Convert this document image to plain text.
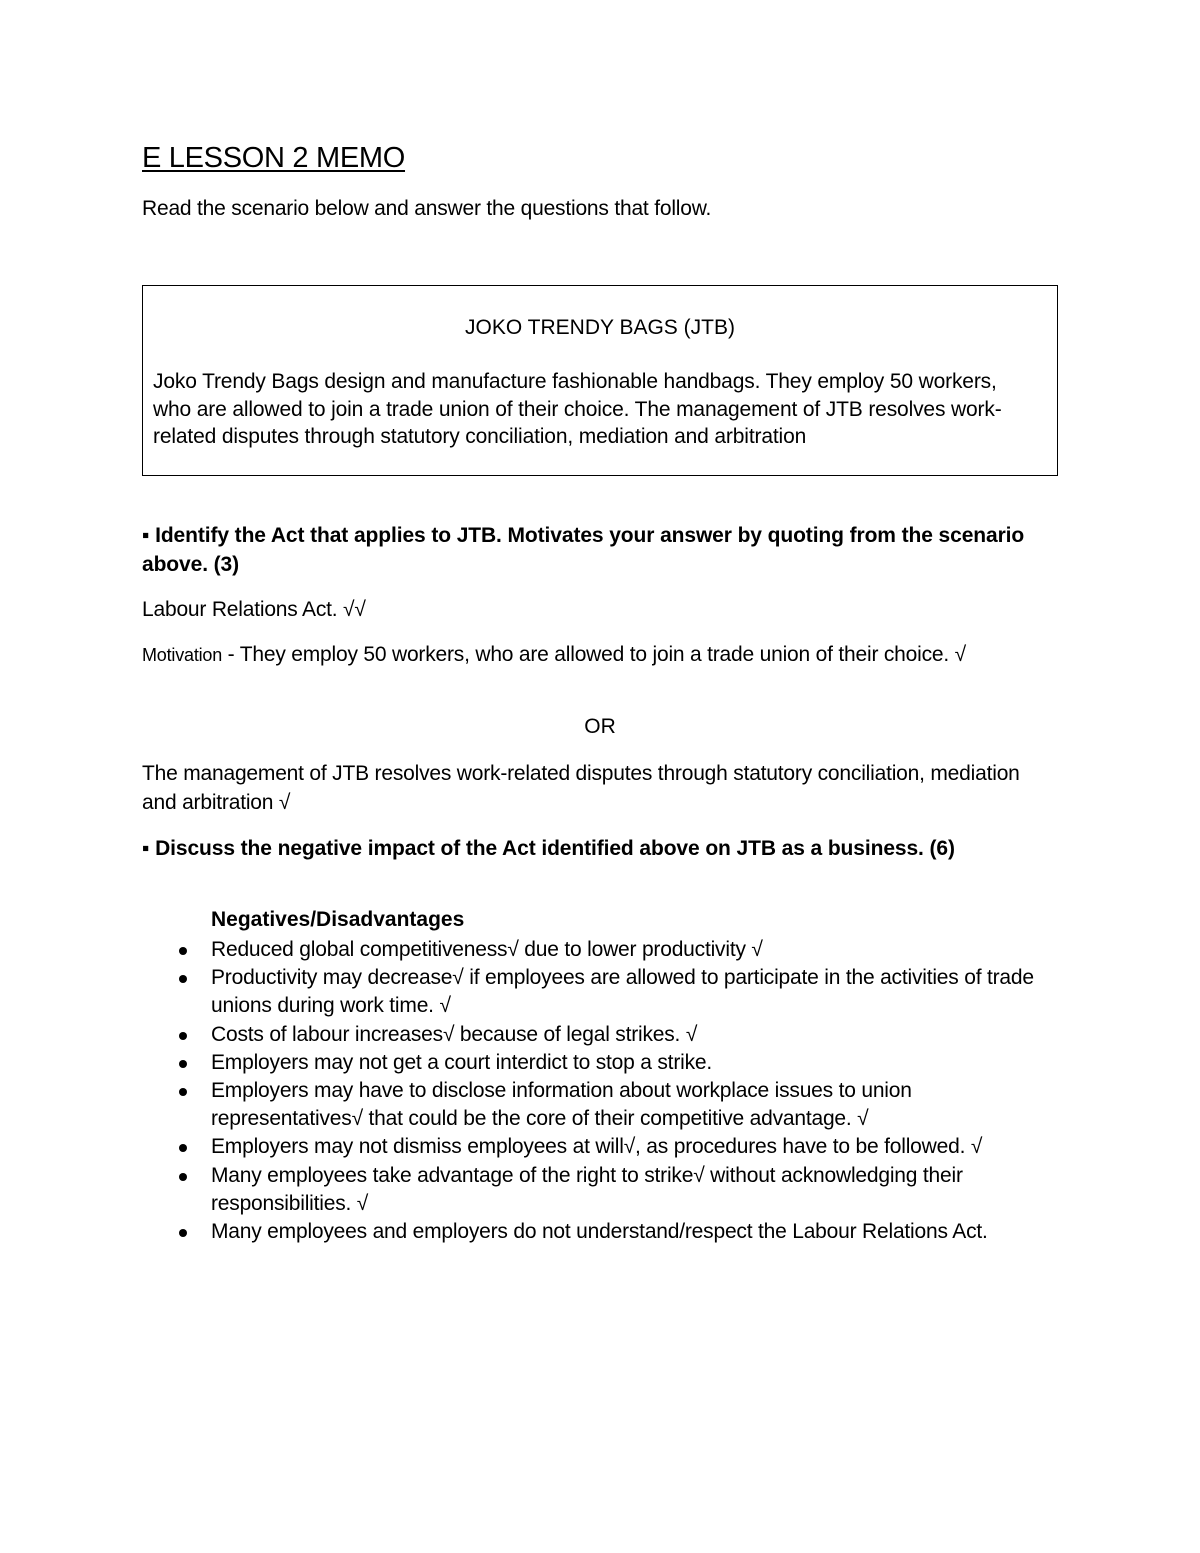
E LESSON 2 MEMO

Read the scenario below and answer the questions that follow.

JOKO TRENDY BAGS (JTB)

Joko Trendy Bags design and manufacture fashionable handbags. They employ 50 workers, who are allowed to join a trade union of their choice. The management of JTB resolves work-related disputes through statutory conciliation, mediation and arbitration

▪ Identify the Act that applies to JTB. Motivates your answer by quoting from the scenario above. (3)

Labour Relations Act. √√

Motivation - They employ 50 workers, who are allowed to join a trade union of their choice. √

OR

The management of JTB resolves work-related disputes through statutory conciliation, mediation and arbitration √

▪ Discuss the negative impact of the Act identified above on JTB as a business. (6)

Negatives/Disadvantages

Reduced global competitiveness√ due to lower productivity √
Productivity may decrease√ if employees are allowed to participate in the activities of trade unions during work time. √
Costs of labour increases√ because of legal strikes. √
Employers may not get a court interdict to stop a strike.
Employers may have to disclose information about workplace issues to union representatives√ that could be the core of their competitive advantage. √
Employers may not dismiss employees at will√, as procedures have to be followed. √
Many employees take advantage of the right to strike√ without acknowledging their responsibilities. √
Many employees and employers do not understand/respect the Labour Relations Act.
